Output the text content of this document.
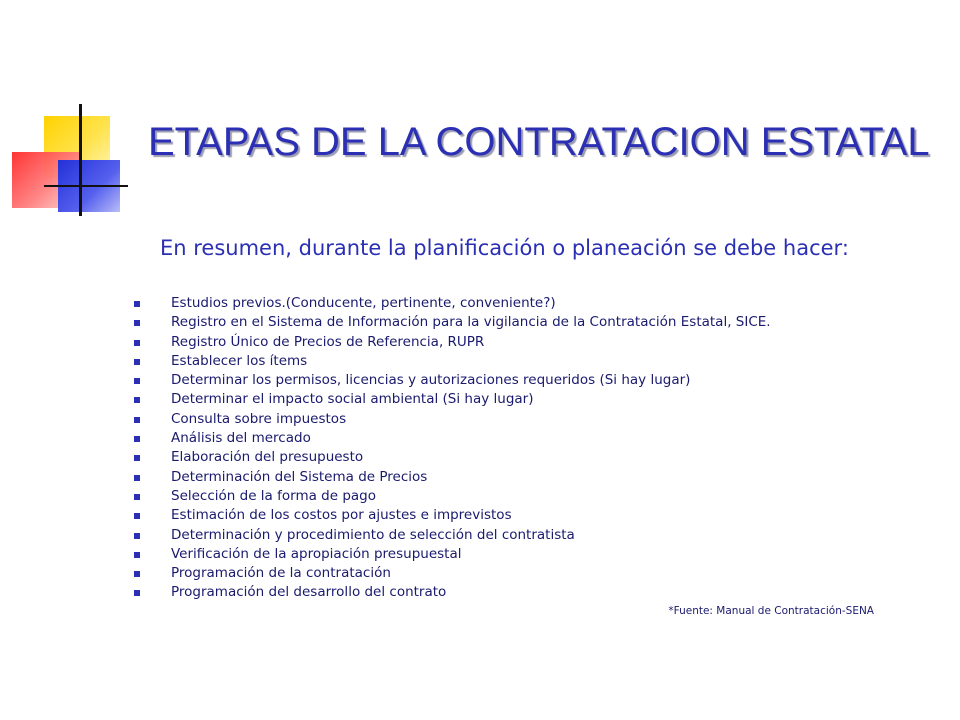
ETAPAS DE LA CONTRATACION ESTATAL

En resumen, durante la planificación o planeación se debe hacer:

Estudios previos.(Conducente, pertinente, conveniente?)
Registro en el Sistema de Información para la vigilancia de la Contratación Estatal, SICE.
Registro Único de Precios de Referencia, RUPR
Establecer los ítems
Determinar los permisos, licencias y autorizaciones requeridos (Si hay lugar)
Determinar el impacto social ambiental (Si hay lugar)
Consulta sobre impuestos
Análisis del mercado
Elaboración del presupuesto
Determinación del Sistema de Precios
Selección de la forma de pago
Estimación de los costos por ajustes e imprevistos
Determinación y procedimiento de selección del contratista
Verificación de la apropiación presupuestal
Programación de la contratación
Programación del desarrollo del contrato

*Fuente: Manual de Contratación-SENA
